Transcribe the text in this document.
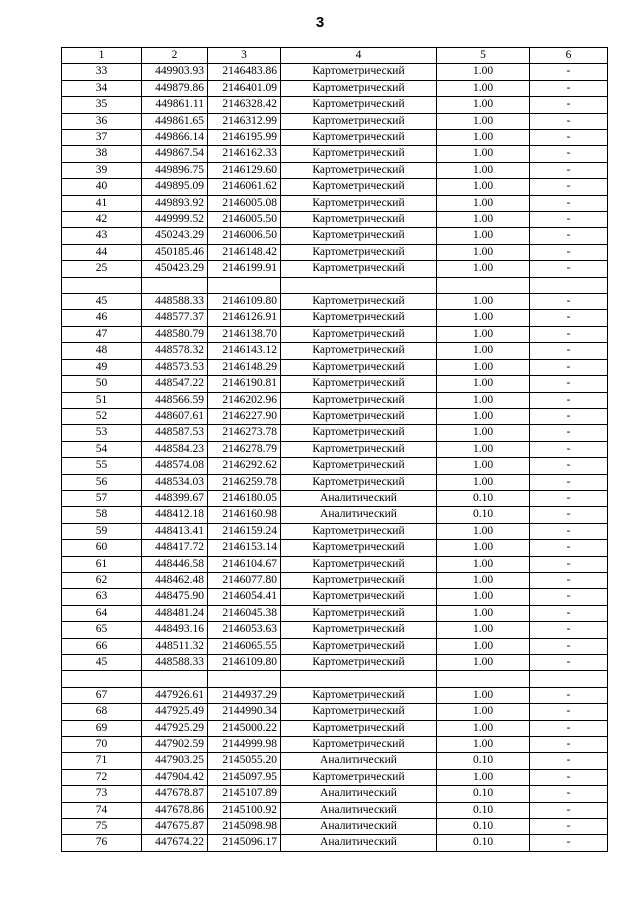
3
1	2	3	4	5	6
33	449903.93	2146483.86	Картометрический	1.00	-
34	449879.86	2146401.09	Картометрический	1.00	-
35	449861.11	2146328.42	Картометрический	1.00	-
36	449861.65	2146312.99	Картометрический	1.00	-
37	449866.14	2146195.99	Картометрический	1.00	-
38	449867.54	2146162.33	Картометрический	1.00	-
39	449896.75	2146129.60	Картометрический	1.00	-
40	449895.09	2146061.62	Картометрический	1.00	-
41	449893.92	2146005.08	Картометрический	1.00	-
42	449999.52	2146005.50	Картометрический	1.00	-
43	450243.29	2146006.50	Картометрический	1.00	-
44	450185.46	2146148.42	Картометрический	1.00	-
25	450423.29	2146199.91	Картометрический	1.00	-

45	448588.33	2146109.80	Картометрический	1.00	-
46	448577.37	2146126.91	Картометрический	1.00	-
47	448580.79	2146138.70	Картометрический	1.00	-
48	448578.32	2146143.12	Картометрический	1.00	-
49	448573.53	2146148.29	Картометрический	1.00	-
50	448547.22	2146190.81	Картометрический	1.00	-
51	448566.59	2146202.96	Картометрический	1.00	-
52	448607.61	2146227.90	Картометрический	1.00	-
53	448587.53	2146273.78	Картометрический	1.00	-
54	448584.23	2146278.79	Картометрический	1.00	-
55	448574.08	2146292.62	Картометрический	1.00	-
56	448534.03	2146259.78	Картометрический	1.00	-
57	448399.67	2146180.05	Аналитический	0.10	-
58	448412.18	2146160.98	Аналитический	0.10	-
59	448413.41	2146159.24	Картометрический	1.00	-
60	448417.72	2146153.14	Картометрический	1.00	-
61	448446.58	2146104.67	Картометрический	1.00	-
62	448462.48	2146077.80	Картометрический	1.00	-
63	448475.90	2146054.41	Картометрический	1.00	-
64	448481.24	2146045.38	Картометрический	1.00	-
65	448493.16	2146053.63	Картометрический	1.00	-
66	448511.32	2146065.55	Картометрический	1.00	-
45	448588.33	2146109.80	Картометрический	1.00	-

67	447926.61	2144937.29	Картометрический	1.00	-
68	447925.49	2144990.34	Картометрический	1.00	-
69	447925.29	2145000.22	Картометрический	1.00	-
70	447902.59	2144999.98	Картометрический	1.00	-
71	447903.25	2145055.20	Аналитический	0.10	-
72	447904.42	2145097.95	Картометрический	1.00	-
73	447678.87	2145107.89	Аналитический	0.10	-
74	447678.86	2145100.92	Аналитический	0.10	-
75	447675.87	2145098.98	Аналитический	0.10	-
76	447674.22	2145096.17	Аналитический	0.10	-
